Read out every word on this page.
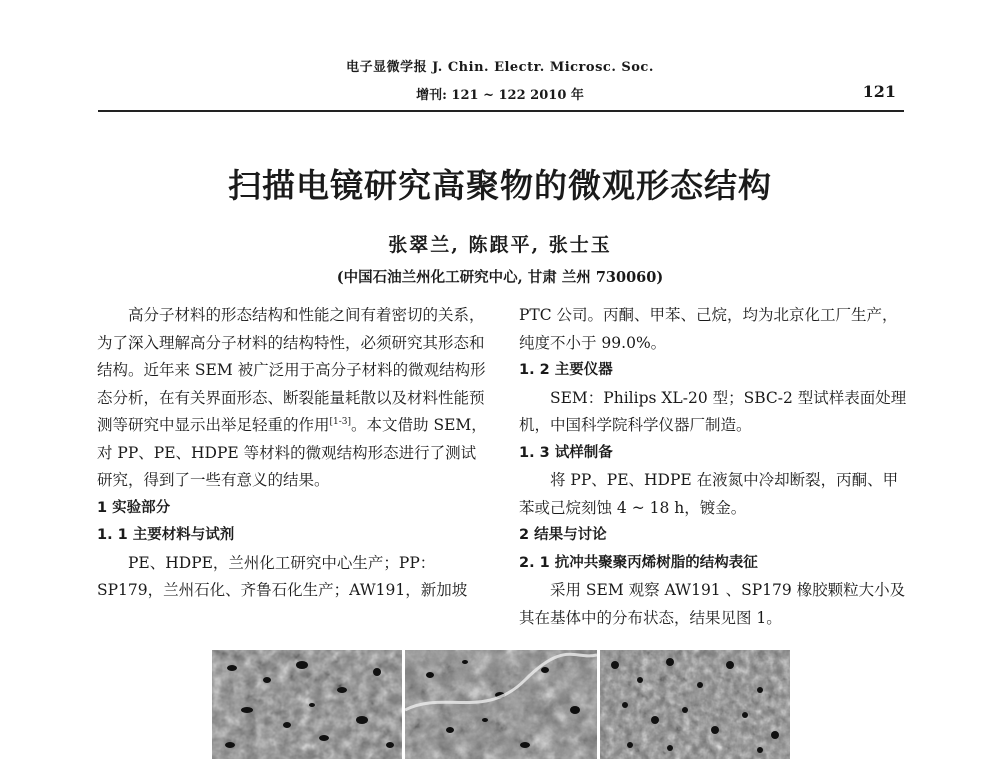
电子显微学报 J. Chin. Electr. Microsc. Soc.
增刊: 121 ~ 122 2010 年	121
扫描电镜研究高聚物的微观形态结构
张翠兰, 陈跟平, 张士玉
(中国石油兰州化工研究中心, 甘肃 兰州 730060)

高分子材料的形态结构和性能之间有着密切的关系，为了深入理解高分子材料的结构特性，必须研究其形态和结构。近年来 SEM 被广泛用于高分子材料的微观结构形态分析，在有关界面形态、断裂能量耗散以及材料性能预测等研究中显示出举足轻重的作用[1-3]。本文借助 SEM，对 PP、PE、HDPE 等材料的微观结构形态进行了测试研究，得到了一些有意义的结果。

1 实验部分

1. 1 主要材料与试剂

PE、HDPE，兰州化工研究中心生产；PP：SP179，兰州石化、齐鲁石化生产；AW191，新加坡

PTC 公司。丙酮、甲苯、己烷，均为北京化工厂生产，纯度不小于 99.0%。

1. 2 主要仪器

SEM：Philips XL-20 型；SBC-2 型试样表面处理机，中国科学院科学仪器厂制造。

1. 3 试样制备

将 PP、PE、HDPE 在液氮中冷却断裂，丙酮、甲苯或己烷刻蚀 4 ~ 18 h，镀金。

2 结果与讨论

2. 1 抗冲共聚聚丙烯树脂的结构表征

采用 SEM 观察 AW191 、SP179 橡胶颗粒大小及其在基体中的分布状态，结果见图 1。
